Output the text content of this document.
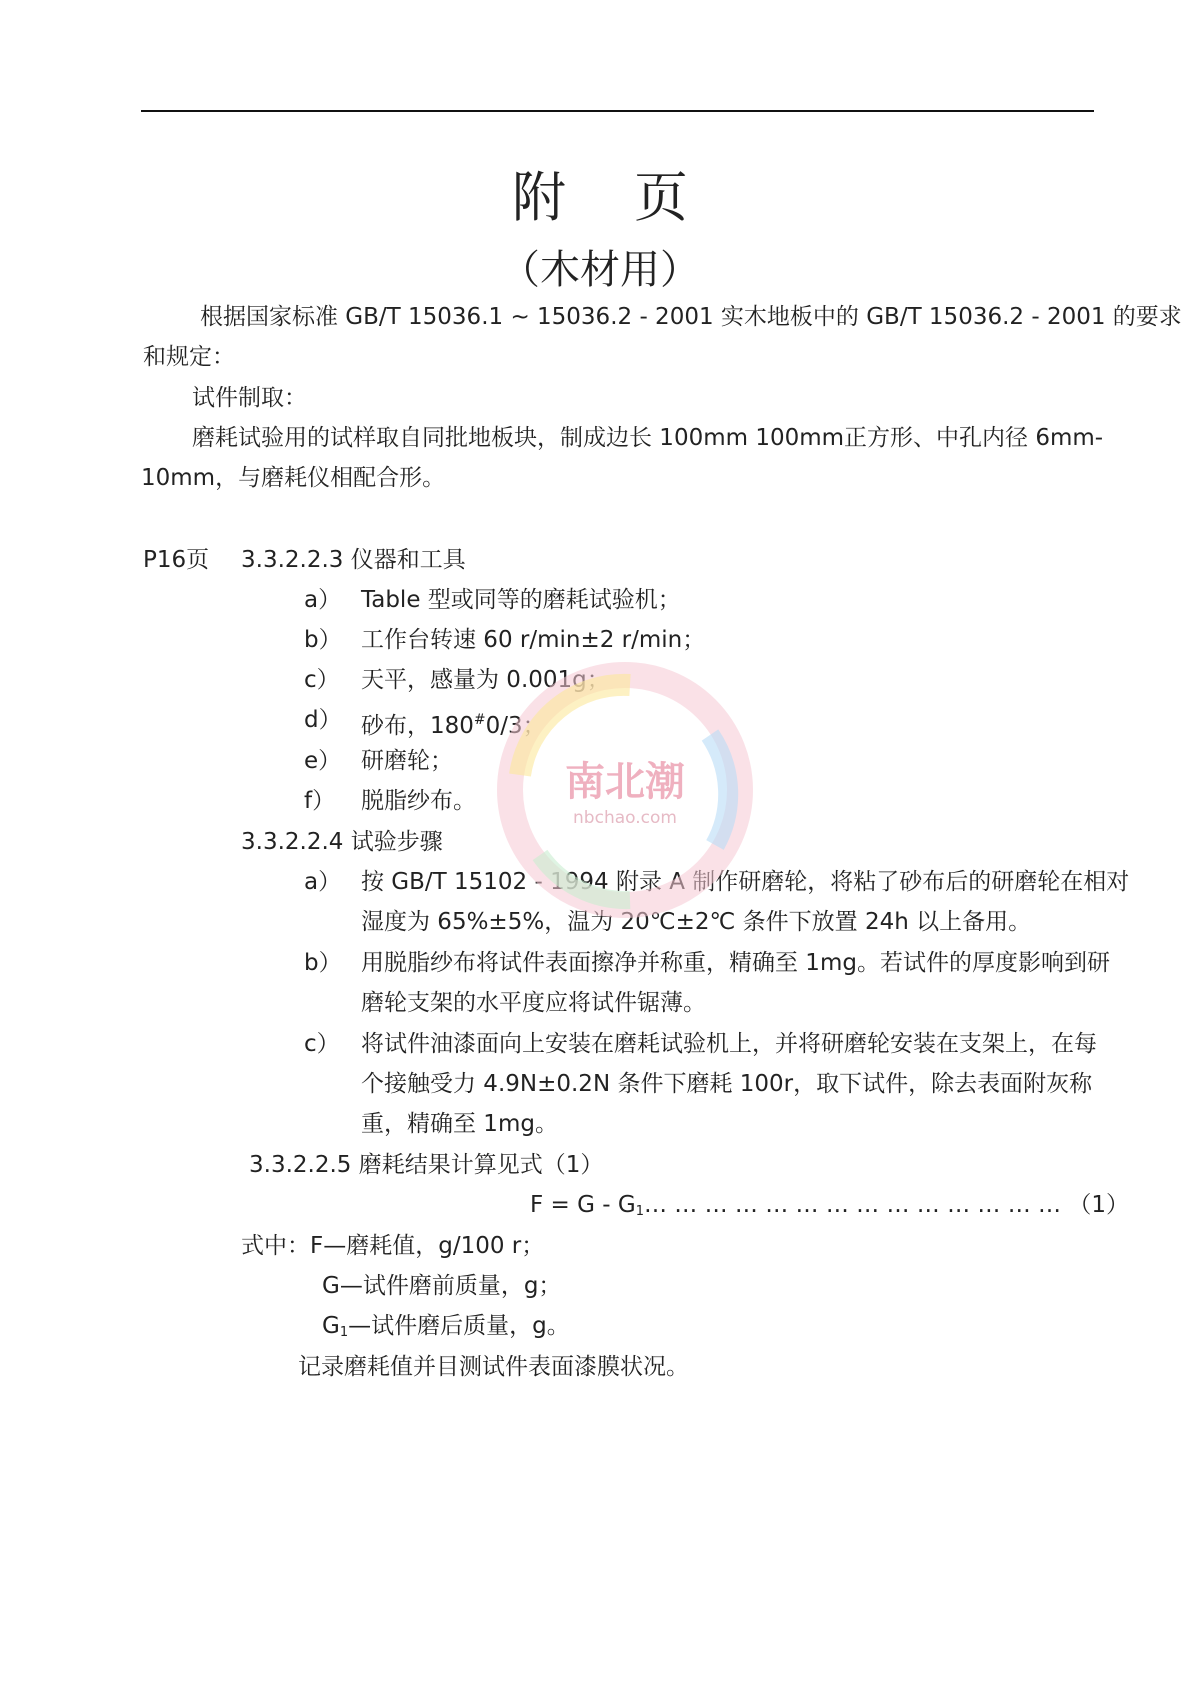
附页
（木材用）
根据国家标准 GB/T 15036.1 ~ 15036.2 - 2001 实木地板中的 GB/T 15036.2 - 2001 的要求
和规定：
试件制取：
磨耗试验用的试样取自同批地板块，制成边长 100mm 100mm正方形、中孔内径 6mm-
10mm，与磨耗仪相配合形。
P16页 3.3.2.2.3 仪器和工具
a） Table 型或同等的磨耗试验机；
b） 工作台转速 60 r/min±2 r/min；
c） 天平，感量为 0.001g；
d） 砂布，180#0/3；
e） 研磨轮；
f） 脱脂纱布。
3.3.2.2.4 试验步骤
a） 按 GB/T 15102 - 1994 附录 A 制作研磨轮，将粘了砂布后的研磨轮在相对
湿度为 65%±5%，温为 20℃±2℃ 条件下放置 24h 以上备用。
b） 用脱脂纱布将试件表面擦净并称重，精确至 1mg。若试件的厚度影响到研
磨轮支架的水平度应将试件锯薄。
c） 将试件油漆面向上安装在磨耗试验机上，并将研磨轮安装在支架上，在每
个接触受力 4.9N±0.2N 条件下磨耗 100r，取下试件，除去表面附灰称
重，精确至 1mg。
3.3.2.2.5 磨耗结果计算见式（1）
$F = G - G_1\dots$ … … … … … … … … … … … … … （1）
式中：F—磨耗值，g/100 r；
G—试件磨前质量，g；
$G_1—$试件磨后质量，g。
记录磨耗值并目测试件表面漆膜状况。
南北潮
nbchao.com
